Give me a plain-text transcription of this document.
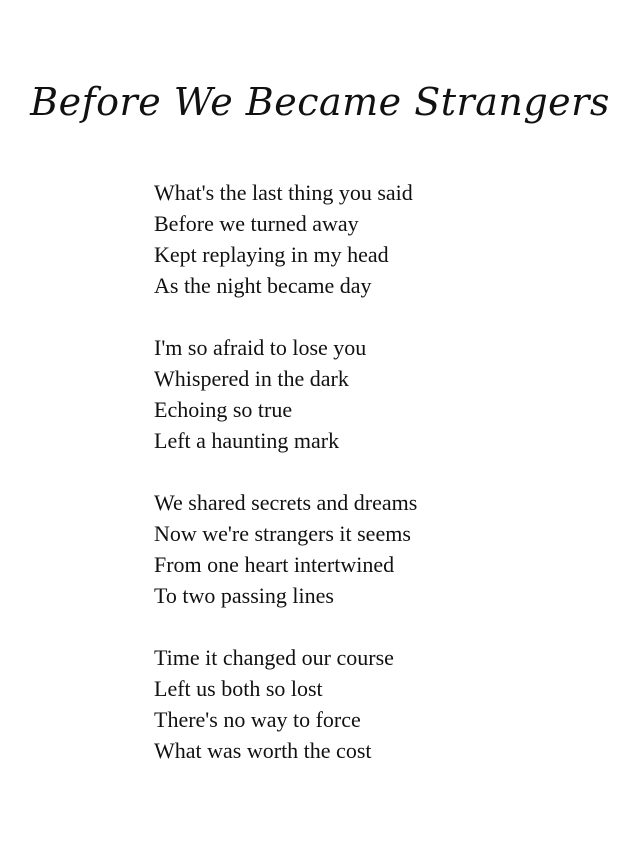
Before We Became Strangers
What's the last thing you said
Before we turned away
Kept replaying in my head
As the night became day
I'm so afraid to lose you
Whispered in the dark
Echoing so true
Left a haunting mark
We shared secrets and dreams
Now we're strangers it seems
From one heart intertwined
To two passing lines
Time it changed our course
Left us both so lost
There's no way to force
What was worth the cost
